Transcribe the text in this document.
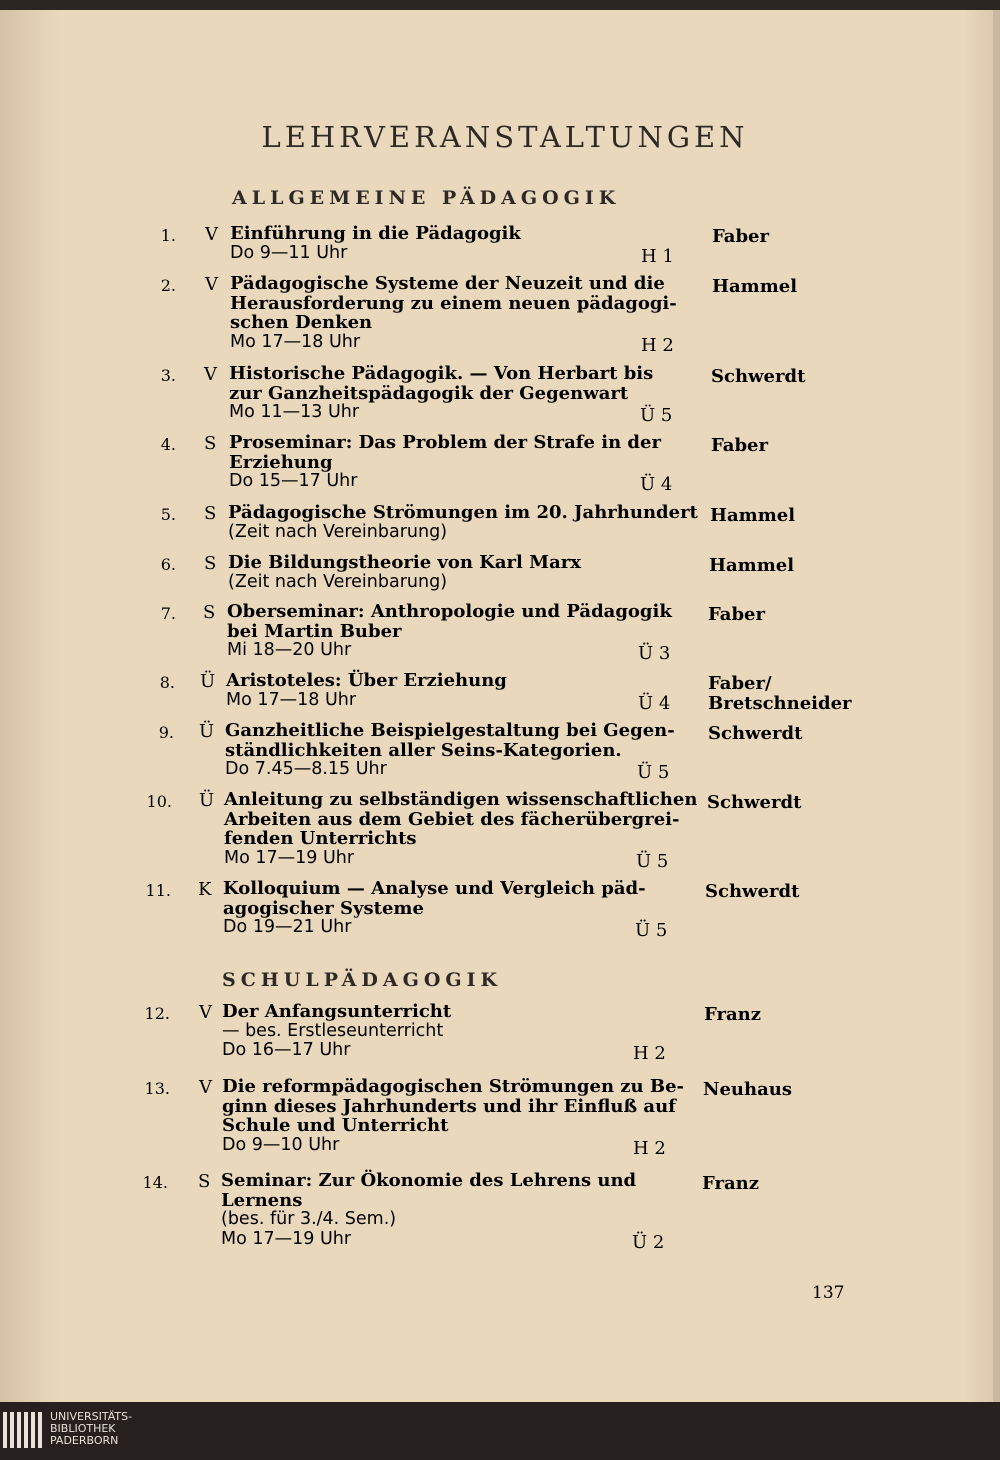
LEHRVERANSTALTUNGEN
ALLGEMEINE PÄDAGOGIK
SCHULPÄDAGOGIK
1. V Einführung in die Pädagogik
Do 9—11 Uhr	H 1
Faber
2. V Pädagogische Systeme der Neuzeit und die
Herausforderung zu einem neuen pädagogi-
schen Denken
Mo 17—18 Uhr	H 2
Hammel
3. V Historische Pädagogik. — Von Herbart bis
zur Ganzheitspädagogik der Gegenwart
Mo 11—13 Uhr	Ü 5
Schwerdt
4. S Proseminar: Das Problem der Strafe in der
Erziehung
Do 15—17 Uhr	Ü 4
Faber
5. S Pädagogische Strömungen im 20. Jahrhundert
(Zeit nach Vereinbarung)
Hammel
6. S Die Bildungstheorie von Karl Marx
(Zeit nach Vereinbarung)
Hammel
7. S Oberseminar: Anthropologie und Pädagogik
bei Martin Buber
Mi 18—20 Uhr	Ü 3
Faber
8. Ü Aristoteles: Über Erziehung
Mo 17—18 Uhr	Ü 4
Faber/
Bretschneider
9. Ü Ganzheitliche Beispielgestaltung bei Gegen-
ständlichkeiten aller Seins-Kategorien.
Do 7.45—8.15 Uhr	Ü 5
Schwerdt
10. Ü Anleitung zu selbständigen wissenschaftlichen
Arbeiten aus dem Gebiet des fächerübergrei-
fenden Unterrichts
Mo 17—19 Uhr	Ü 5
Schwerdt
11. K Kolloquium — Analyse und Vergleich päd-
agogischer Systeme
Do 19—21 Uhr	Ü 5
Schwerdt
12. V Der Anfangsunterricht
— bes. Erstleseunterricht
Do 16—17 Uhr	H 2
Franz
13. V Die reformpädagogischen Strömungen zu Be-
ginn dieses Jahrhunderts und ihr Einfluß auf
Schule und Unterricht
Do 9—10 Uhr	H 2
Neuhaus
14. S Seminar: Zur Ökonomie des Lehrens und
Lernens
(bes. für 3./4. Sem.)
Mo 17—19 Uhr	Ü 2
Franz
137
UNIVERSITÄTS-
BIBLIOTHEK
PADERBORN
